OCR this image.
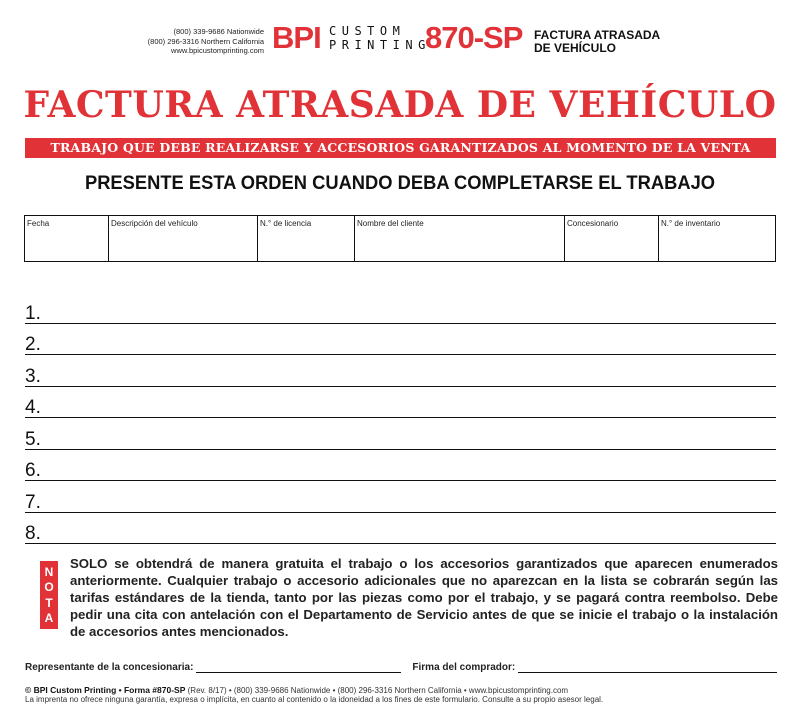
(800) 339-9686 Nationwide
(800) 296-3316 Northern California
www.bpicustomprinting.com BPI CUSTOM
PRINTING
870-SP FACTURA ATRASADA
DE VEHÍCULO
FACTURA ATRASADA DE VEHÍCULO
TRABAJO QUE DEBE REALIZARSE Y ACCESORIOS GARANTIZADOS AL MOMENTO DE LA VENTA
PRESENTE ESTA ORDEN CUANDO DEBA COMPLETARSE EL TRABAJO
Fecha	Descripción del vehículo	N.° de licencia	Nombre del cliente	Concesionario	N.° de inventario
1.
2.
3.
4.
5.
6.
7.
8.
N
O
T
A
SOLO se obtendrá de manera gratuita el trabajo o los accesorios garantizados que aparecen enumerados anteriormente. Cualquier trabajo o accesorio adicionales que no aparezcan en la lista se cobrarán según las tarifas estándares de la tienda, tanto por las piezas como por el trabajo, y se pagará contra reembolso. Debe pedir una cita con antelación con el Departamento de Servicio antes de que se inicie el trabajo o la instalación de accesorios antes mencionados.
Representante de la concesionaria:	Firma del comprador:
© BPI Custom Printing • Forma #870-SP (Rev. 8/17) • (800) 339-9686 Nationwide • (800) 296-3316 Northern California • www.bpicustomprinting.com
La imprenta no ofrece ninguna garantía, expresa o implícita, en cuanto al contenido o la idoneidad a los fines de este formulario. Consulte a su propio asesor legal.
